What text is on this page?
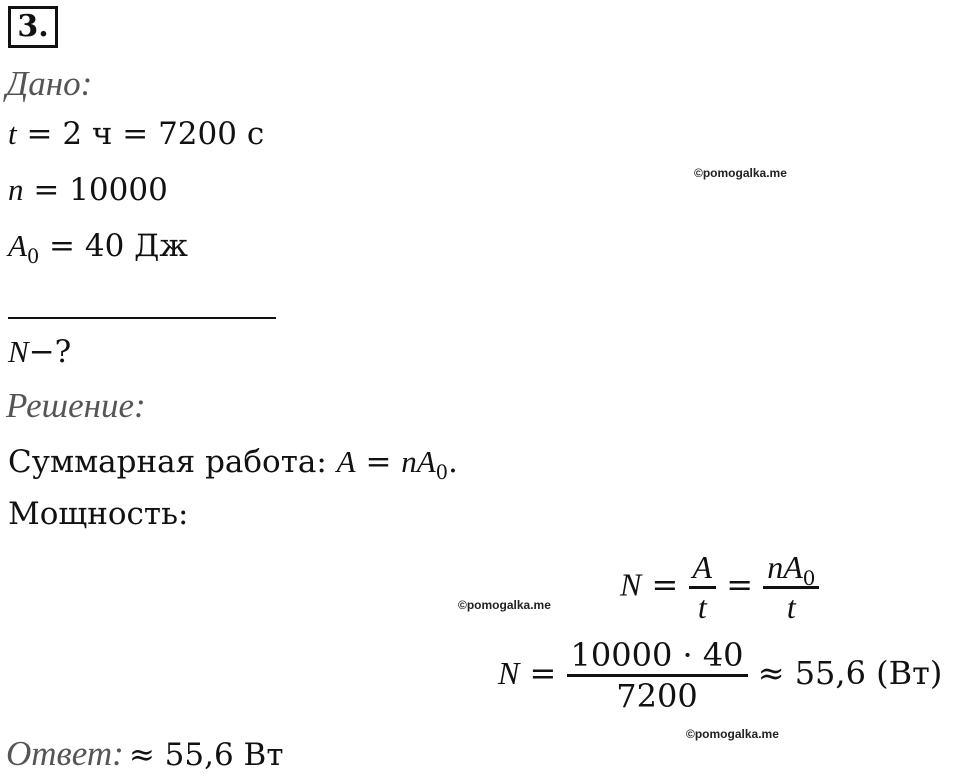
3.
Дано:
t = 2 ч = 7200 с
n = 10000	©pomogalka.me
$A_0 = 40$ Дж
N−?
Решение:
Суммарная работа: $A = nA_0$.
Мощность:
©pomogalka.me
$N = \frac{A}{t} = \frac{nA_0}{t}$
$N = \frac{10000 \cdot 40}{7200} \approx 55,6$ (Вт)
©pomogalka.me
Ответ: ≈ 55,6 Вт
